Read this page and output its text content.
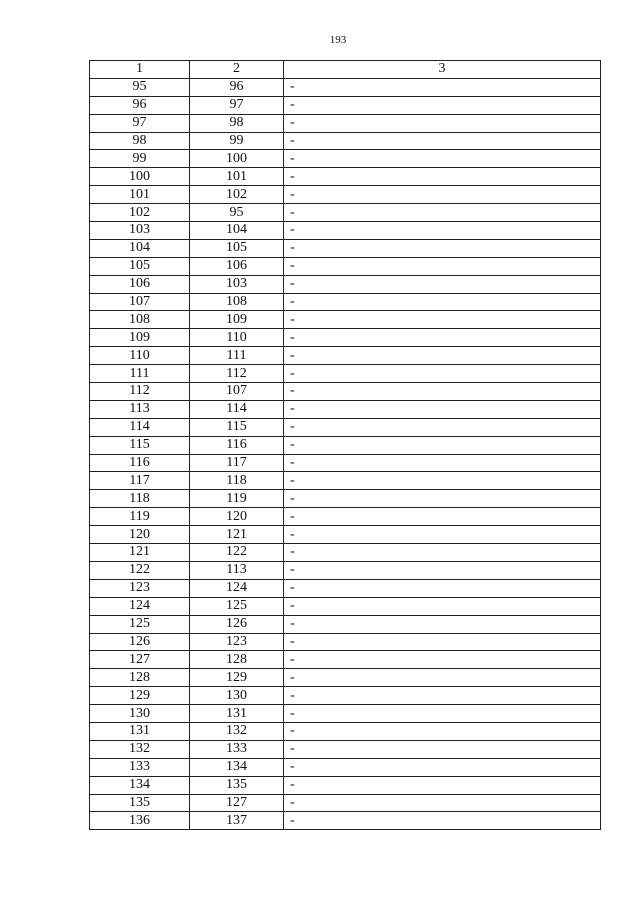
193
1	2	3
95	96	-
96	97	-
97	98	-
98	99	-
99	100	-
100	101	-
101	102	-
102	95	-
103	104	-
104	105	-
105	106	-
106	103	-
107	108	-
108	109	-
109	110	-
110	111	-
111	112	-
112	107	-
113	114	-
114	115	-
115	116	-
116	117	-
117	118	-
118	119	-
119	120	-
120	121	-
121	122	-
122	113	-
123	124	-
124	125	-
125	126	-
126	123	-
127	128	-
128	129	-
129	130	-
130	131	-
131	132	-
132	133	-
133	134	-
134	135	-
135	127	-
136	137	-
